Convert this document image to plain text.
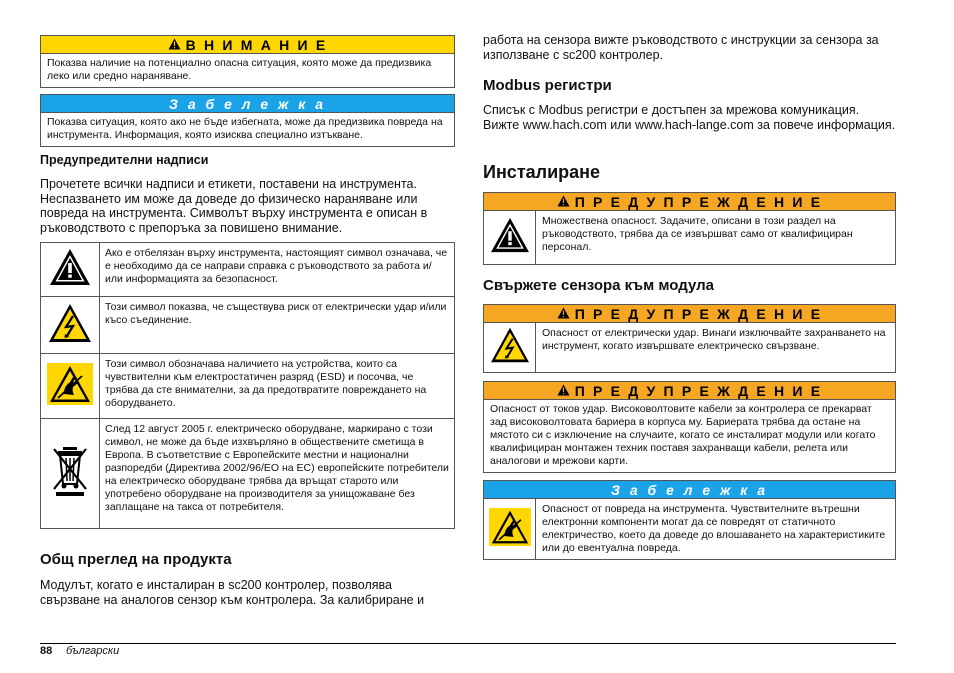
В Н И М А Н И Е
Показва наличие на потенциално опасна ситуация, която може да предизвика леко или средно нараняване.
З а б е л е ж к а
Показва ситуация, която ако не бъде избегната, може да предизвика повреда на инструмента. Информация, която изисква специално изтъкване.
Предупредителни надписи
Прочетете всички надписи и етикети, поставени на инструмента. Неспазването им може да доведе до физическо нараняване или повреда на инструмента. Символът върху инструмента е описан в ръководството с препоръка за повишено внимание.
	Ако е отбелязан върху инструмента, настоящият символ означава, че е необходимо да се направи справка с ръководството за работа и/или информацията за безопасност.
	Този символ показва, че съществува риск от електрически удар и/или късо съединение.
	Този символ обозначава наличието на устройства, които са чувствителни към електростатичен разряд (ESD) и посочва, че трябва да сте внимателни, за да предотвратите повреждането на оборудването.
	След 12 август 2005 г. електрическо оборудване, маркирано с този символ, не може да бъде изхвърляно в обществените сметища в Европа. В съответствие с Европейските местни и национални разпоредби (Директива 2002/96/EO на ЕС) европейските потребители на електрическо оборудване трябва да връщат старото или употребено оборудване на производителя за унищожаване без заплащане на такса от потребителя.
Общ преглед на продукта
Модулът, когато е инсталиран в sc200 контролер, позволява свързване на аналогов сензор към контролера. За калибриране и
работа на сензора вижте ръководството с инструкции за сензора за използване с sc200 контролер.
Modbus регистри
Списък с Modbus регистри е достъпен за мрежова комуникация. Вижте www.hach.com или www.hach-lange.com за повече информация.
Инсталиране
П Р Е Д У П Р Е Ж Д Е Н И Е
Множествена опасност. Задачите, описани в този раздел на ръководството, трябва да се извършват само от квалифициран персонал.
Свържете сензора към модула
П Р Е Д У П Р Е Ж Д Е Н И Е
Опасност от електрически удар. Винаги изключвайте захранването на инструмент, когато извършвате електрическо свързване.
П Р Е Д У П Р Е Ж Д Е Н И Е
Опасност от токов удар. Високоволтовите кабели за контролера се прекарват зад високоволтовата бариера в корпуса му. Бариерата трябва да остане на мястото си с изключение на случаите, когато се инсталират модули или когато квалифициран монтажен техник поставя захранващи кабели, релета или аналогови и мрежови карти.
З а б е л е ж к а
Опасност от повреда на инструмента. Чувствителните вътрешни електронни компоненти могат да се повредят от статичното електричество, което да доведе до влошаването на характеристиките или до евентуална повреда.
88 български
